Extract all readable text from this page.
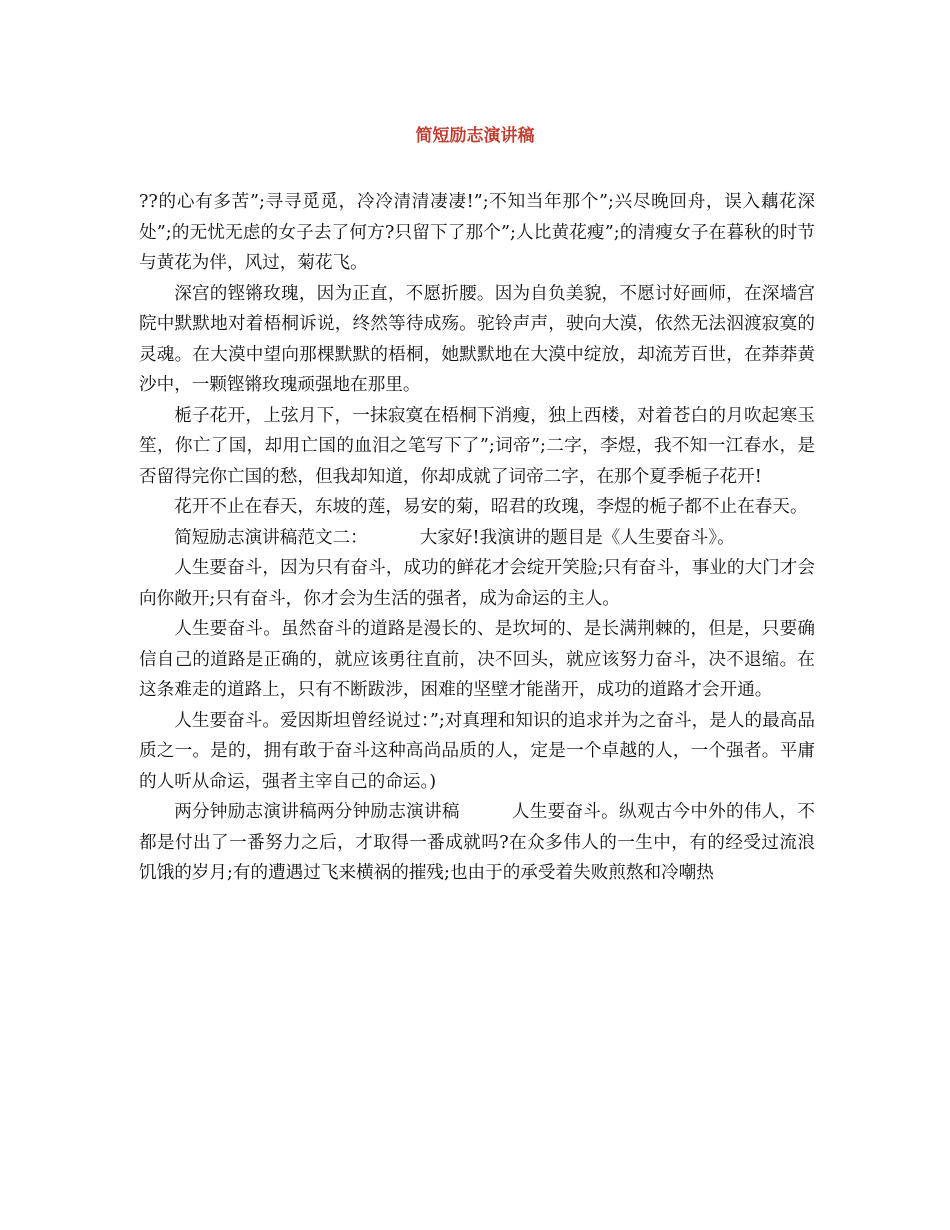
简短励志演讲稿

??的心有多苦”;寻寻觅觅，冷冷清清凄凄!”;不知当年那个”;兴尽晚回舟，误入藕花深处”;的无忧无虑的女子去了何方?只留下了那个”;人比黄花瘦”;的清瘦女子在暮秋的时节与黄花为伴，风过，菊花飞。

深宫的铿锵玫瑰，因为正直，不愿折腰。因为自负美貌，不愿讨好画师，在深墙宫院中默默地对着梧桐诉说，终然等待成殇。驼铃声声，驶向大漠，依然无法泅渡寂寞的灵魂。在大漠中望向那棵默默的梧桐，她默默地在大漠中绽放，却流芳百世，在莽莽黄沙中，一颗铿锵玫瑰顽强地在那里。

栀子花开，上弦月下，一抹寂寞在梧桐下消瘦，独上西楼，对着苍白的月吹起寒玉笙，你亡了国，却用亡国的血泪之笔写下了”;词帝”;二字，李煜，我不知一江春水，是否留得完你亡国的愁，但我却知道，你却成就了词帝二字，在那个夏季栀子花开!

花开不止在春天，东坡的莲，易安的菊，昭君的玫瑰，李煜的栀子都不止在春天。

简短励志演讲稿范文二：	大家好!我演讲的题目是《人生要奋斗》。

人生要奋斗，因为只有奋斗，成功的鲜花才会绽开笑脸;只有奋斗，事业的大门才会向你敞开;只有奋斗，你才会为生活的强者，成为命运的主人。

人生要奋斗。虽然奋斗的道路是漫长的、是坎坷的、是长满荆棘的，但是，只要确信自己的道路是正确的，就应该勇往直前，决不回头，就应该努力奋斗，决不退缩。在这条难走的道路上，只有不断跋涉，困难的坚壁才能凿开，成功的道路才会开通。

人生要奋斗。爱因斯坦曾经说过：”;对真理和知识的追求并为之奋斗，是人的最高品质之一。是的，拥有敢于奋斗这种高尚品质的人，定是一个卓越的人，一个强者。平庸的人听从命运，强者主宰自己的命运。)

两分钟励志演讲稿两分钟励志演讲稿	人生要奋斗。纵观古今中外的伟人，不都是付出了一番努力之后，才取得一番成就吗?在众多伟人的一生中，有的经受过流浪饥饿的岁月;有的遭遇过飞来横祸的摧残;也由于的承受着失败煎熬和冷嘲热
